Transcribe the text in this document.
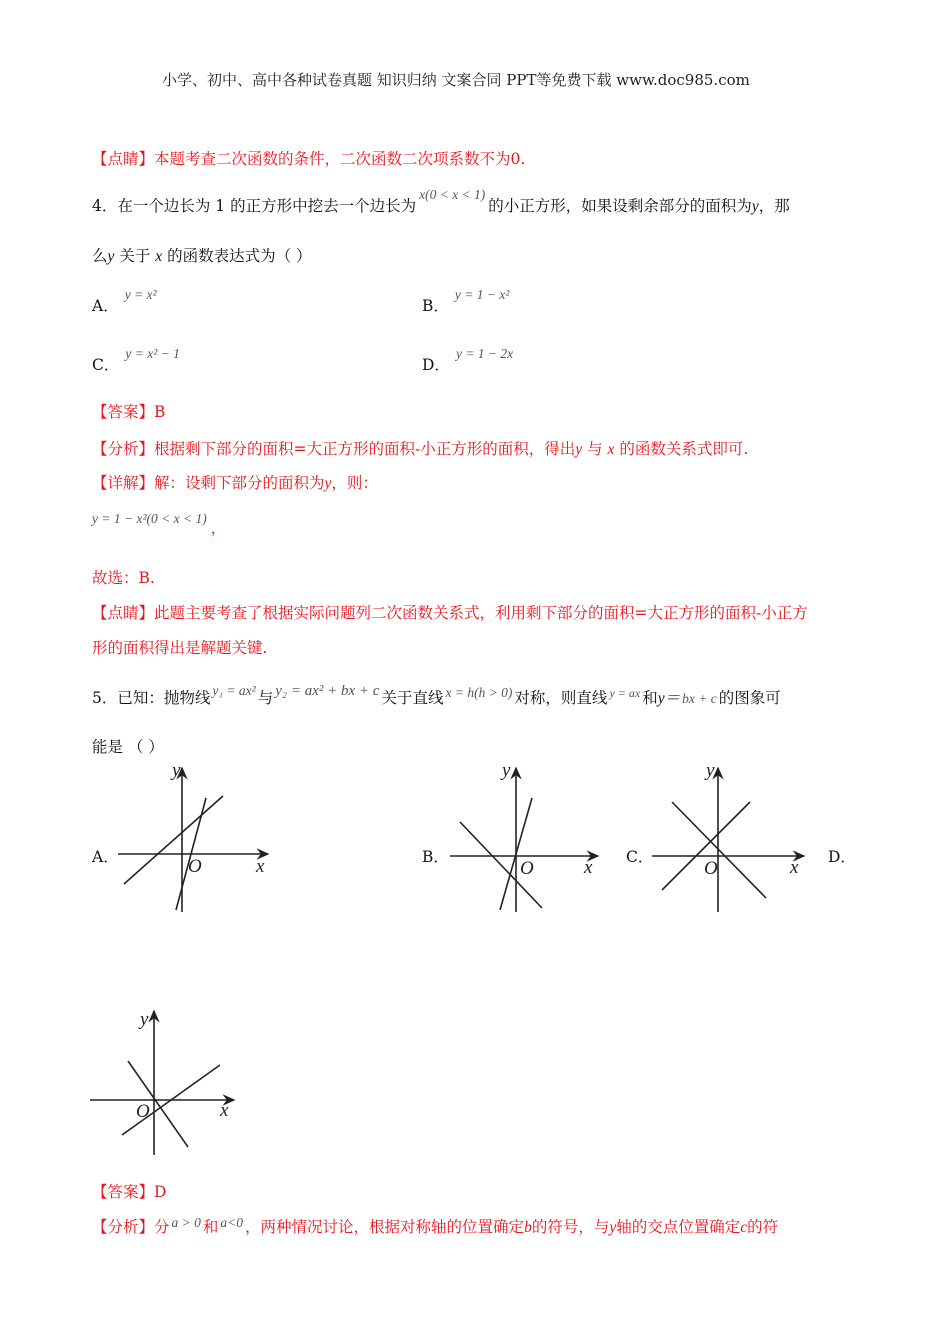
小学、初中、高中各种试卷真题 知识归纳 文案合同 PPT等免费下载 www.doc985.com
【点睛】本题考查二次函数的条件，二次函数二次项系数不为0.
4．在一个边长为 1 的正方形中挖去一个边长为x(0 < x < 1)的小正方形，如果设剩余部分的面积为y，那
么y 关于 x 的函数表达式为（ ）
A．y = x²
B．y = 1 − x²
C．y = x² − 1
D．y = 1 − 2x
【答案】B
【分析】根据剩下部分的面积=大正方形的面积-小正方形的面积，得出y 与 x 的函数关系式即可.
【详解】解：设剩下部分的面积为y，则：
y = 1 − x²(0 < x < 1)，
故选：B.
【点睛】此题主要考查了根据实际问题列二次函数关系式，利用剩下部分的面积=大正方形的面积-小正方
形的面积得出是解题关键.
5．已知：抛物线 y₁ = ax² 与 y₂ = ax² + bx + c 关于直线 x = h(h > 0) 对称，则直线 $^{y = ax}$ 和y＝ bx + c 的图象可
能是 （ ）
A．	B．	C．	D．
y
x
O
y
x
O
y
x
O
y
x
O
【答案】D
【分析】分 a > 0 和 a<0 ，两种情况讨论，根据对称轴的位置确定b的符号，与y轴的交点位置确定c的符
